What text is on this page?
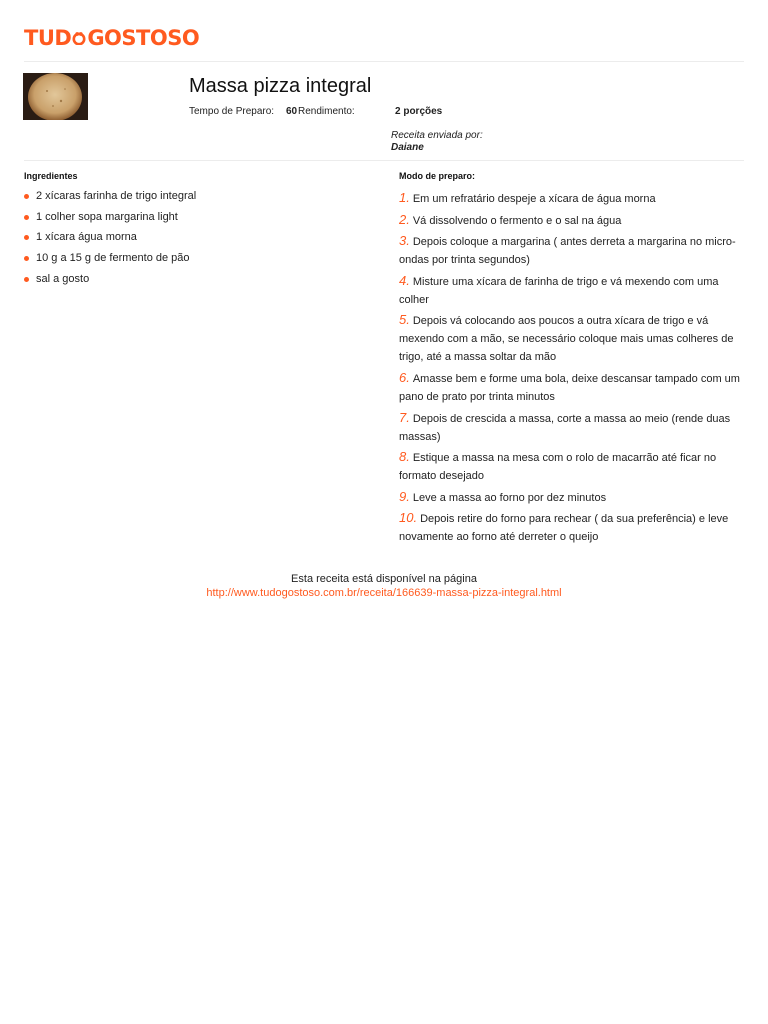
TUD GOSTOSO
Massa pizza integral
Tempo de Preparo: 60 Rendimento:	2 porções
Receita enviada por:
Daiane
Ingredientes
2 xícaras farinha de trigo integral
1 colher sopa margarina light
1 xícara água morna
10 g a 15 g de fermento de pão
sal a gosto
Modo de preparo:
1. Em um refratário despeje a xícara de água morna
2. Vá dissolvendo o fermento e o sal na água
3. Depois coloque a margarina ( antes derreta a margarina no micro-ondas por trinta segundos)
4. Misture uma xícara de farinha de trigo e vá mexendo com uma colher
5. Depois vá colocando aos poucos a outra xícara de trigo e vá mexendo com a mão, se necessário coloque mais umas colheres de trigo, até a massa soltar da mão
6. Amasse bem e forme uma bola, deixe descansar tampado com um pano de prato por trinta minutos
7. Depois de crescida a massa, corte a massa ao meio (rende duas massas)
8. Estique a massa na mesa com o rolo de macarrão até ficar no formato desejado
9. Leve a massa ao forno por dez minutos
10. Depois retire do forno para rechear ( da sua preferência) e leve novamente ao forno até derreter o queijo
Esta receita está disponível na página
http://www.tudogostoso.com.br/receita/166639-massa-pizza-integral.html
